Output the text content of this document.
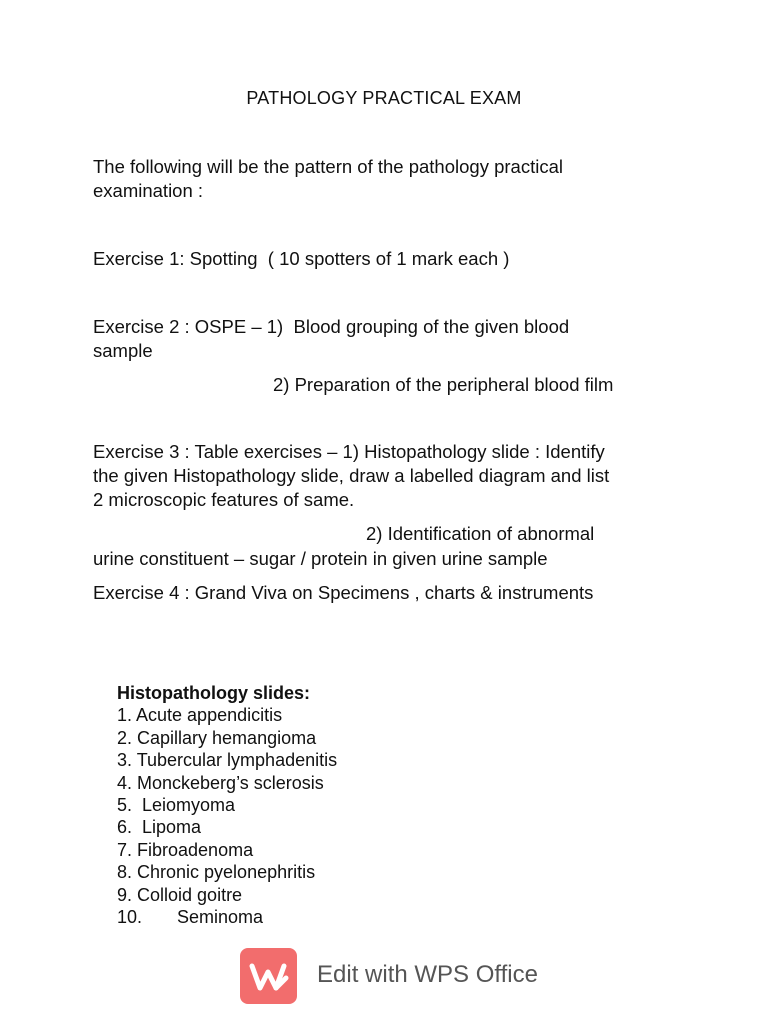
PATHOLOGY PRACTICAL EXAM
The following will be the pattern of the pathology practical
examination :
Exercise 1: Spotting  ( 10 spotters of 1 mark each )
Exercise 2 : OSPE – 1)  Blood grouping of the given blood
sample
2) Preparation of the peripheral blood film
Exercise 3 : Table exercises – 1) Histopathology slide : Identify
the given Histopathology slide, draw a labelled diagram and list
2 microscopic features of same.
2) Identification of abnormal
urine constituent – sugar / protein in given urine sample
Exercise 4 : Grand Viva on Specimens , charts & instruments
Histopathology slides:
1. Acute appendicitis
2. Capillary hemangioma
3. Tubercular lymphadenitis
4. Monckeberg’s sclerosis
5.  Leiomyoma
6.  Lipoma
7. Fibroadenoma
8. Chronic pyelonephritis
9. Colloid goitre
10.       Seminoma
Edit with WPS Office
